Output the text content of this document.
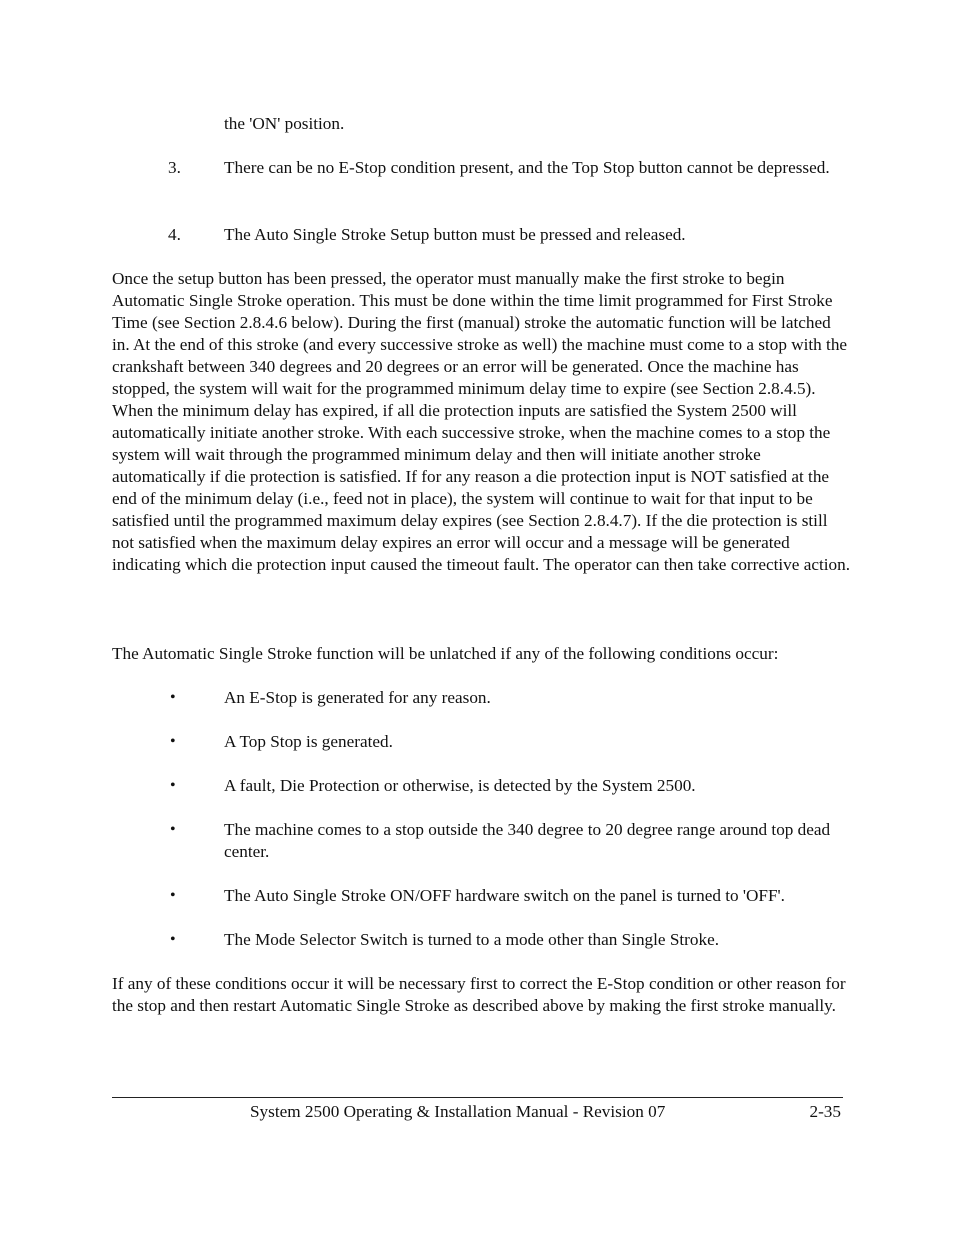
the 'ON' position.
3.	There can be no E-Stop condition present, and the Top Stop button cannot be depressed.
4.	The Auto Single Stroke Setup button must be pressed and released.

Once the setup button has been pressed, the operator must manually make the first stroke to begin Automatic Single Stroke operation. This must be done within the time limit programmed for First Stroke Time (see Section 2.8.4.6 below). During the first (manual) stroke the automatic function will be latched in. At the end of this stroke (and every successive stroke as well) the machine must come to a stop with the crankshaft between 340 degrees and 20 degrees or an error will be generated. Once the machine has stopped, the system will wait for the programmed minimum delay time to expire (see Section 2.8.4.5). When the minimum delay has expired, if all die protection inputs are satisfied the System 2500 will automatically initiate another stroke. With each successive stroke, when the machine comes to a stop the system will wait through the programmed minimum delay and then will initiate another stroke automatically if die protection is satisfied. If for any reason a die protection input is NOT satisfied at the end of the minimum delay (i.e., feed not in place), the system will continue to wait for that input to be satisfied until the programmed maximum delay expires (see Section 2.8.4.7). If the die protection is still not satisfied when the maximum delay expires an error will occur and a message will be generated indicating which die protection input caused the timeout fault. The operator can then take corrective action.

The Automatic Single Stroke function will be unlatched if any of the following conditions occur:

•	An E-Stop is generated for any reason.
•	A Top Stop is generated.
•	A fault, Die Protection or otherwise, is detected by the System 2500.
•	The machine comes to a stop outside the 340 degree to 20 degree range around top dead center.
•	The Auto Single Stroke ON/OFF hardware switch on the panel is turned to 'OFF'.
•	The Mode Selector Switch is turned to a mode other than Single Stroke.

If any of these conditions occur it will be necessary first to correct the E-Stop condition or other reason for the stop and then restart Automatic Single Stroke as described above by making the first stroke manually.

System 2500 Operating & Installation Manual - Revision 07	2-35
